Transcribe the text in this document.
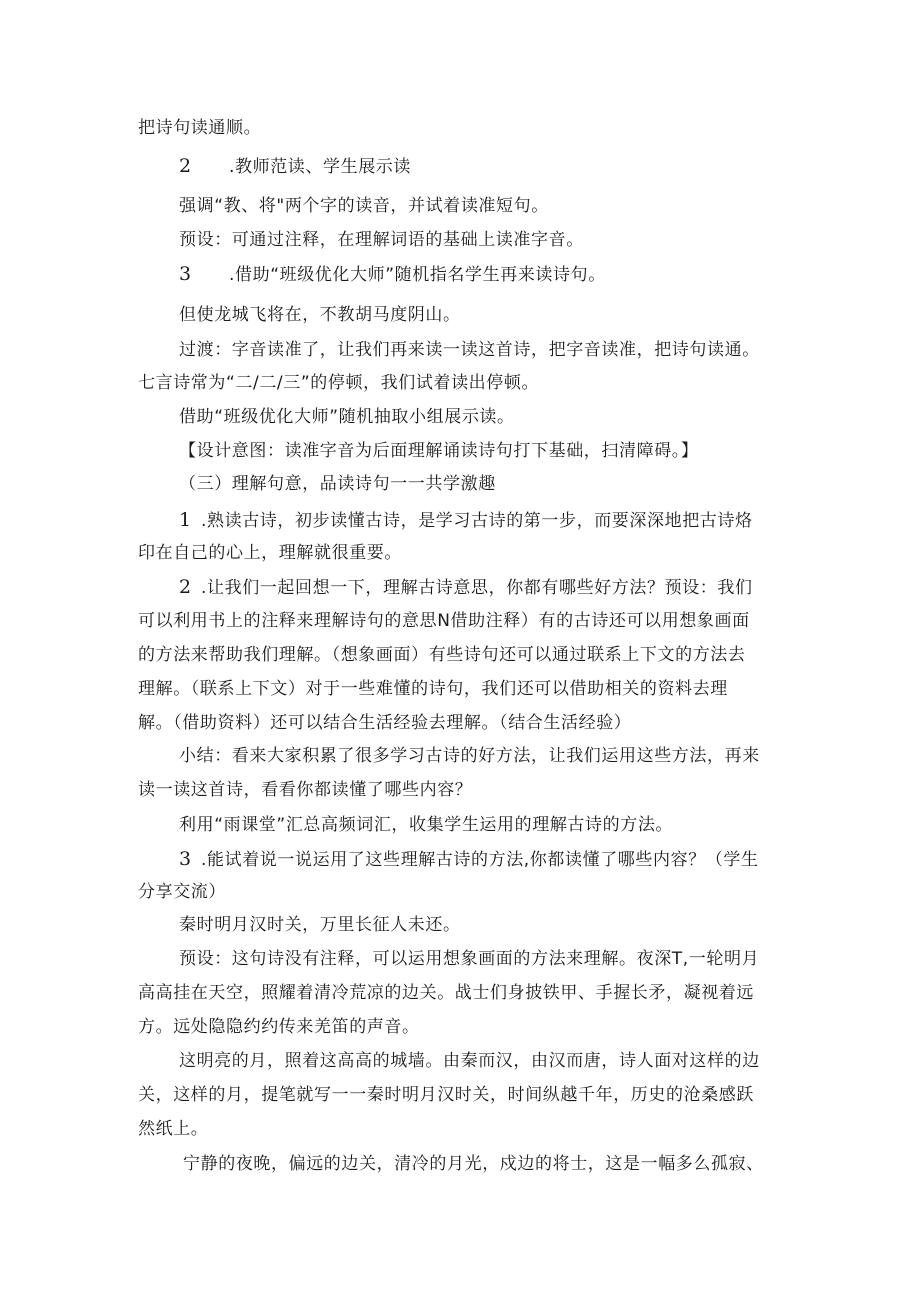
把诗句读通顺。
2 .教师范读、学生展示读
强调“教、将"两个字的读音，并试着读准短句。
预设：可通过注释，在理解词语的基础上读准字音。
3 .借助“班级优化大师”随机指名学生再来读诗句。
但使龙城飞将在，不教胡马度阴山。
过渡：字音读准了，让我们再来读一读这首诗，把字音读准，把诗句读通。
七言诗常为“二/二/三”的停顿，我们试着读出停顿。
借助“班级优化大师”随机抽取小组展示读。
【设计意图：读准字音为后面理解诵读诗句打下基础，扫清障碍。】
（三）理解句意，品读诗句一一共学激趣
1 .熟读古诗，初步读懂古诗，是学习古诗的第一步，而要深深地把古诗烙
印在自己的心上，理解就很重要。
2 .让我们一起回想一下，理解古诗意思，你都有哪些好方法？预设：我们
可以利用书上的注释来理解诗句的意思N借助注释）有的古诗还可以用想象画面
的方法来帮助我们理解。（想象画面）有些诗句还可以通过联系上下文的方法去
理解。（联系上下文）对于一些难懂的诗句，我们还可以借助相关的资料去理
解。（借助资料）还可以结合生活经验去理解。（结合生活经验）
小结：看来大家积累了很多学习古诗的好方法，让我们运用这些方法，再来
读一读这首诗，看看你都读懂了哪些内容？
利用“雨课堂”汇总高频词汇，收集学生运用的理解古诗的方法。
3 .能试着说一说运用了这些理解古诗的方法,你都读懂了哪些内容？（学生
分享交流）
秦时明月汉时关，万里长征人未还。
预设：这句诗没有注释，可以运用想象画面的方法来理解。夜深T,一轮明月
高高挂在天空，照耀着清冷荒凉的边关。战士们身披铁甲、手握长矛，凝视着远
方。远处隐隐约约传来羌笛的声音。
这明亮的月，照着这高高的城墙。由秦而汉，由汉而唐，诗人面对这样的边
关，这样的月，提笔就写一一秦时明月汉时关，时间纵越千年，历史的沧桑感跃
然纸上。
宁静的夜晚，偏远的边关，清冷的月光，戍边的将士，这是一幅多么孤寂、
